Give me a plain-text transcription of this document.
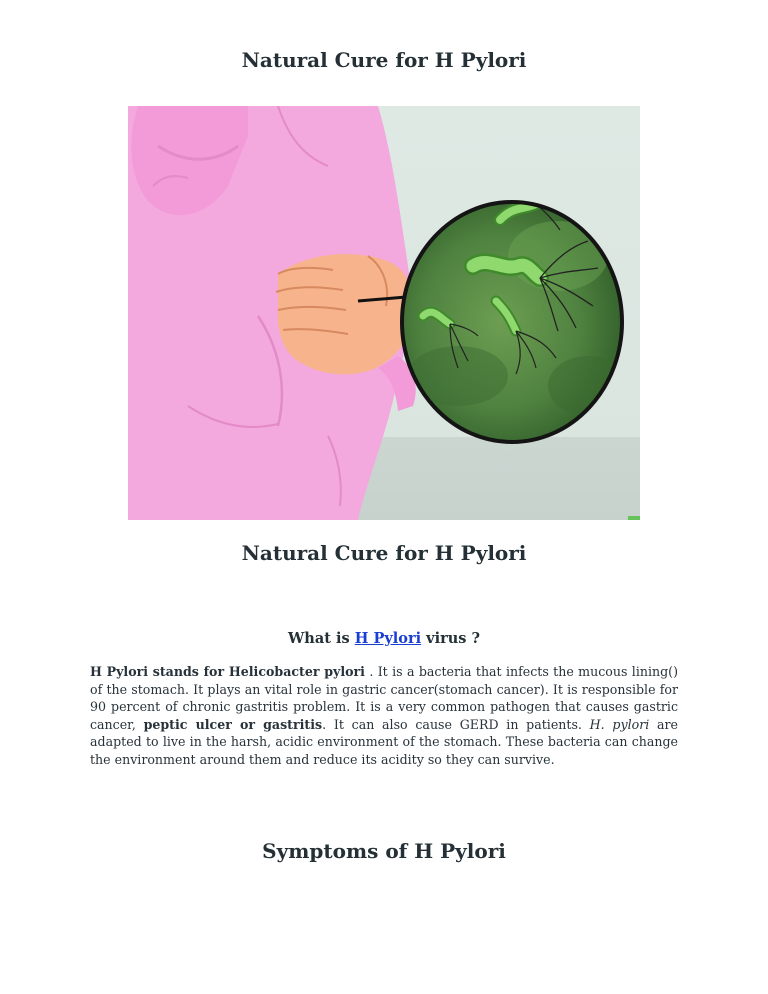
Natural Cure for H Pylori
Natural Cure for H Pylori
What is H Pylori virus ?

H Pylori stands for Helicobacter pylori . It is a bacteria that infects the mucous lining() of the stomach. It plays an vital role in gastric cancer(stomach cancer). It is responsible for 90 percent of chronic gastritis problem. It is a very common pathogen that causes gastric cancer, peptic ulcer or gastritis. It can also cause GERD in patients. H. pylori are adapted to live in the harsh, acidic environment of the stomach. These bacteria can change the environment around them and reduce its acidity so they can survive.

Symptoms of H Pylori
